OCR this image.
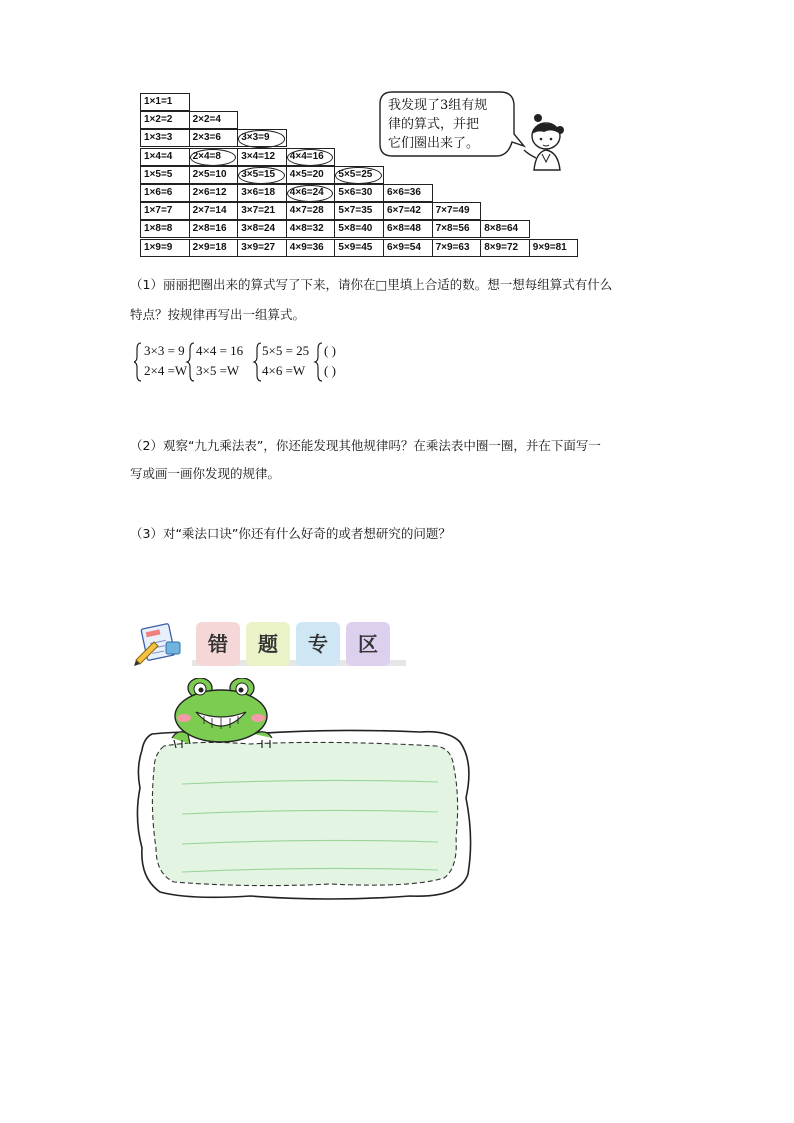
1×1=1
1×2=2	2×2=4
1×3=3	2×3=6	3×3=9
1×4=4	2×4=8	3×4=12	4×4=16
1×5=5	2×5=10	3×5=15	4×5=20	5×5=25
1×6=6	2×6=12	3×6=18	4×6=24	5×6=30	6×6=36
1×7=7	2×7=14	3×7=21	4×7=28	5×7=35	6×7=42	7×7=49
1×8=8	2×8=16	3×8=24	4×8=32	5×8=40	6×8=48	7×8=56	8×8=64
1×9=9	2×9=18	3×9=27	4×9=36	5×9=45	6×9=54	7×9=63	8×9=72	9×9=81
我发现了3组有规
律的算式，并把
它们圈出来了。
（1）丽丽把圈出来的算式写了下来，请你在□里填上合适的数。想一想每组算式有什么
特点？按规律再写出一组算式。
3×3 = 9
2×4 =W
4×4 = 16
3×5 =W
5×5 = 25
4×6 =W
( )
( )
（2）观察“九九乘法表”，你还能发现其他规律吗？在乘法表中圈一圈，并在下面写一
写或画一画你发现的规律。
（3）对“乘法口诀”你还有什么好奇的或者想研究的问题？
错	题	专	区
